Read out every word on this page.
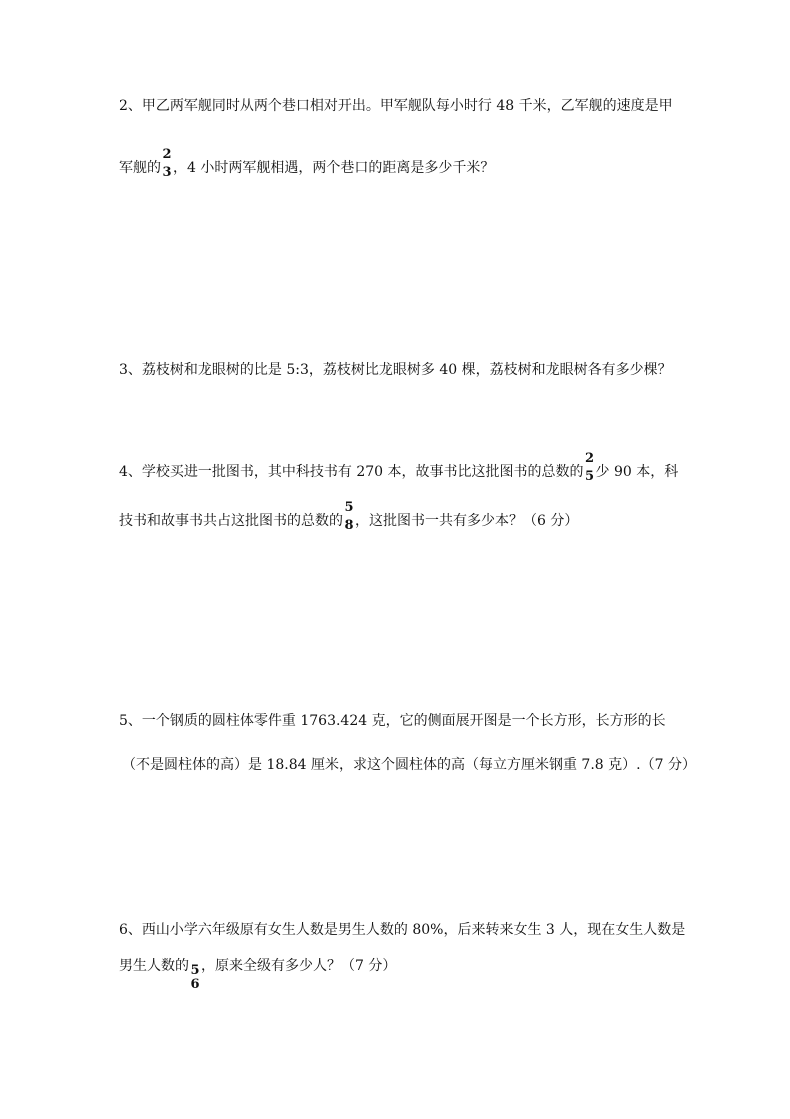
2、甲乙两军舰同时从两个巷口相对开出。甲军舰队每小时行 48 千米，乙军舰的速度是甲
军舰的
2
3 ，4 小时两军舰相遇，两个巷口的距离是多少千米？
3、荔枝树和龙眼树的比是 5:3，荔枝树比龙眼树多 40 棵，荔枝树和龙眼树各有多少棵？
4、学校买进一批图书，其中科技书有 270 本，故事书比这批图书的总数的
2
5 少 90 本，科
技书和故事书共占这批图书的总数的
5
8 ，这批图书一共有多少本？（6 分）
5、一个钢质的圆柱体零件重 1763.424 克，它的侧面展开图是一个长方形，长方形的长
（不是圆柱体的高）是 18.84 厘米，求这个圆柱体的高（每立方厘米钢重 7.8 克）.（7 分）
6、西山小学六年级原有女生人数是男生人数的 80%，后来转来女生 3 人，现在女生人数是
男生人数的 5
6
，原来全级有多少人？（7 分）
